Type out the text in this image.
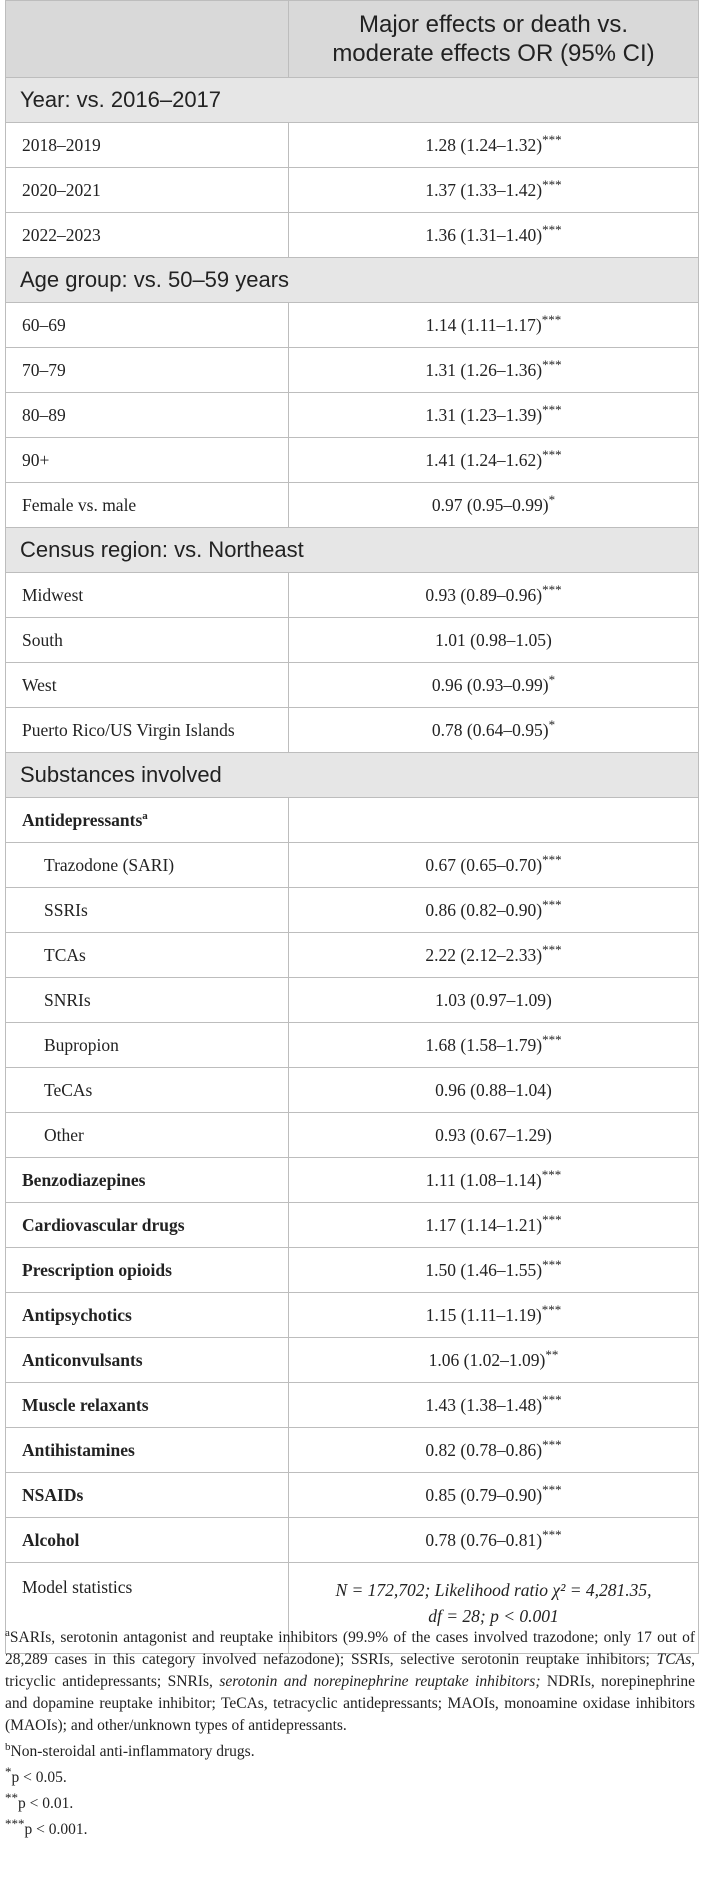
	Major effects or death vs.
moderate effects OR (95% CI)
Year: vs. 2016–2017	
2018–2019	1.28 (1.24–1.32)***
2020–2021	1.37 (1.33–1.42)***
2022–2023	1.36 (1.31–1.40)***
Age group: vs. 50–59 years	
60–69	1.14 (1.11–1.17)***
70–79	1.31 (1.26–1.36)***
80–89	1.31 (1.23–1.39)***
90+	1.41 (1.24–1.62)***
Female vs. male	0.97 (0.95–0.99)*
Census region: vs. Northeast	
Midwest	0.93 (0.89–0.96)***
South	1.01 (0.98–1.05)
West	0.96 (0.93–0.99)*
Puerto Rico/US Virgin Islands	0.78 (0.64–0.95)*
Substances involved	
Antidepressants$^a$	
Trazodone (SARI)	0.67 (0.65–0.70)***
SSRIs	0.86 (0.82–0.90)***
TCAs	2.22 (2.12–2.33)***
SNRIs	1.03 (0.97–1.09)
Bupropion	1.68 (1.58–1.79)***
TeCAs	0.96 (0.88–1.04)
Other	0.93 (0.67–1.29)
Benzodiazepines	1.11 (1.08–1.14)***
Cardiovascular drugs	1.17 (1.14–1.21)***
Prescription opioids	1.50 (1.46–1.55)***
Antipsychotics	1.15 (1.11–1.19)***
Anticonvulsants	1.06 (1.02–1.09)**
Muscle relaxants	1.43 (1.38–1.48)***
Antihistamines	0.82 (0.78–0.86)***
NSAIDs	0.85 (0.79–0.90)***
Alcohol	0.78 (0.76–0.81)***
Model statistics	N = 172,702; Likelihood ratio χ² = 4,281.35,
df = 28; p < 0.001

$^a$SARIs, serotonin antagonist and reuptake inhibitors (99.9% of the cases involved trazodone; only 17 out of 28,289 cases in this category involved nefazodone); SSRIs, selective serotonin reuptake inhibitors; TCAs, tricyclic antidepressants; SNRIs, serotonin and norepinephrine reuptake inhibitors; NDRIs, norepinephrine and dopamine reuptake inhibitor; TeCAs, tetracyclic antidepressants; MAOIs, monoamine oxidase inhibitors (MAOIs); and other/unknown types of antidepressants.

$^b$Non-steroidal anti-inflammatory drugs.

*p < 0.05.

**p < 0.01.

***p < 0.001.
